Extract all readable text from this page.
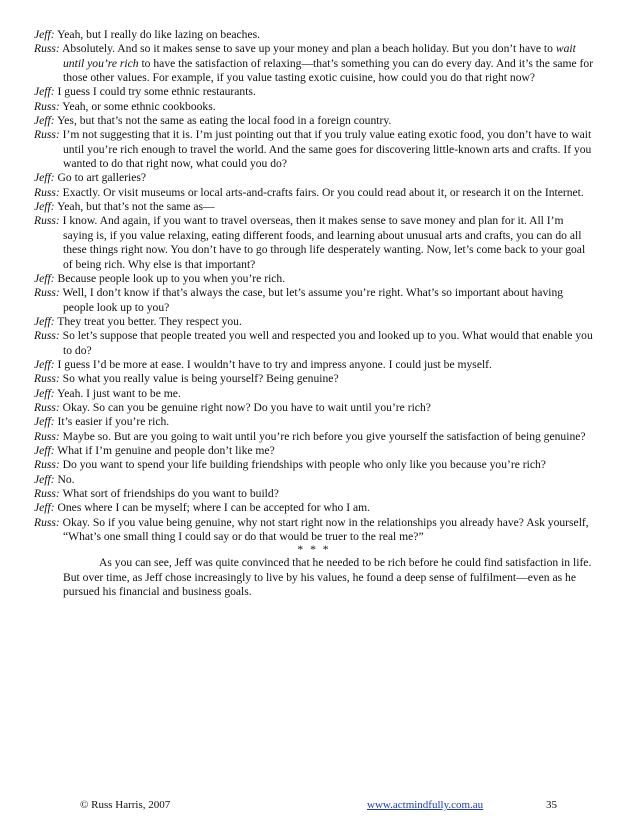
Jeff: Yeah, but I really do like lazing on beaches.

Russ: Absolutely. And so it makes sense to save up your money and plan a beach holiday. But you don’t have to wait until you’re rich to have the satisfaction of relaxing—that’s something you can do every day. And it’s the same for those other values. For example, if you value tasting exotic cuisine, how could you do that right now?

Jeff: I guess I could try some ethnic restaurants.

Russ: Yeah, or some ethnic cookbooks.

Jeff: Yes, but that’s not the same as eating the local food in a foreign country.

Russ: I’m not suggesting that it is. I’m just pointing out that if you truly value eating exotic food, you don’t have to wait until you’re rich enough to travel the world. And the same goes for discovering little-known arts and crafts. If you wanted to do that right now, what could you do?

Jeff: Go to art galleries?

Russ: Exactly. Or visit museums or local arts-and-crafts fairs. Or you could read about it, or research it on the Internet.

Jeff: Yeah, but that’s not the same as—

Russ: I know. And again, if you want to travel overseas, then it makes sense to save money and plan for it. All I’m saying is, if you value relaxing, eating different foods, and learning about unusual arts and crafts, you can do all these things right now. You don’t have to go through life desperately wanting. Now, let’s come back to your goal of being rich. Why else is that important?

Jeff: Because people look up to you when you’re rich.

Russ: Well, I don’t know if that’s always the case, but let’s assume you’re right. What’s so important about having people look up to you?

Jeff: They treat you better. They respect you.

Russ: So let’s suppose that people treated you well and respected you and looked up to you. What would that enable you to do?

Jeff: I guess I’d be more at ease. I wouldn’t have to try and impress anyone. I could just be myself.

Russ: So what you really value is being yourself? Being genuine?

Jeff: Yeah. I just want to be me.

Russ: Okay. So can you be genuine right now? Do you have to wait until you’re rich?

Jeff: It’s easier if you’re rich.

Russ: Maybe so. But are you going to wait until you’re rich before you give yourself the satisfaction of being genuine?

Jeff: What if I’m genuine and people don’t like me?

Russ: Do you want to spend your life building friendships with people who only like you because you’re rich?

Jeff: No.

Russ: What sort of friendships do you want to build?

Jeff: Ones where I can be myself; where I can be accepted for who I am.

Russ: Okay. So if you value being genuine, why not start right now in the relationships you already have? Ask yourself, “What’s one small thing I could say or do that would be truer to the real me?”

* * *

As you can see, Jeff was quite convinced that he needed to be rich before he could find satisfaction in life. But over time, as Jeff chose increasingly to live by his values, he found a deep sense of fulfilment—even as he pursued his financial and business goals.

© Russ Harris, 2007	www.actmindfully.com.au	35
